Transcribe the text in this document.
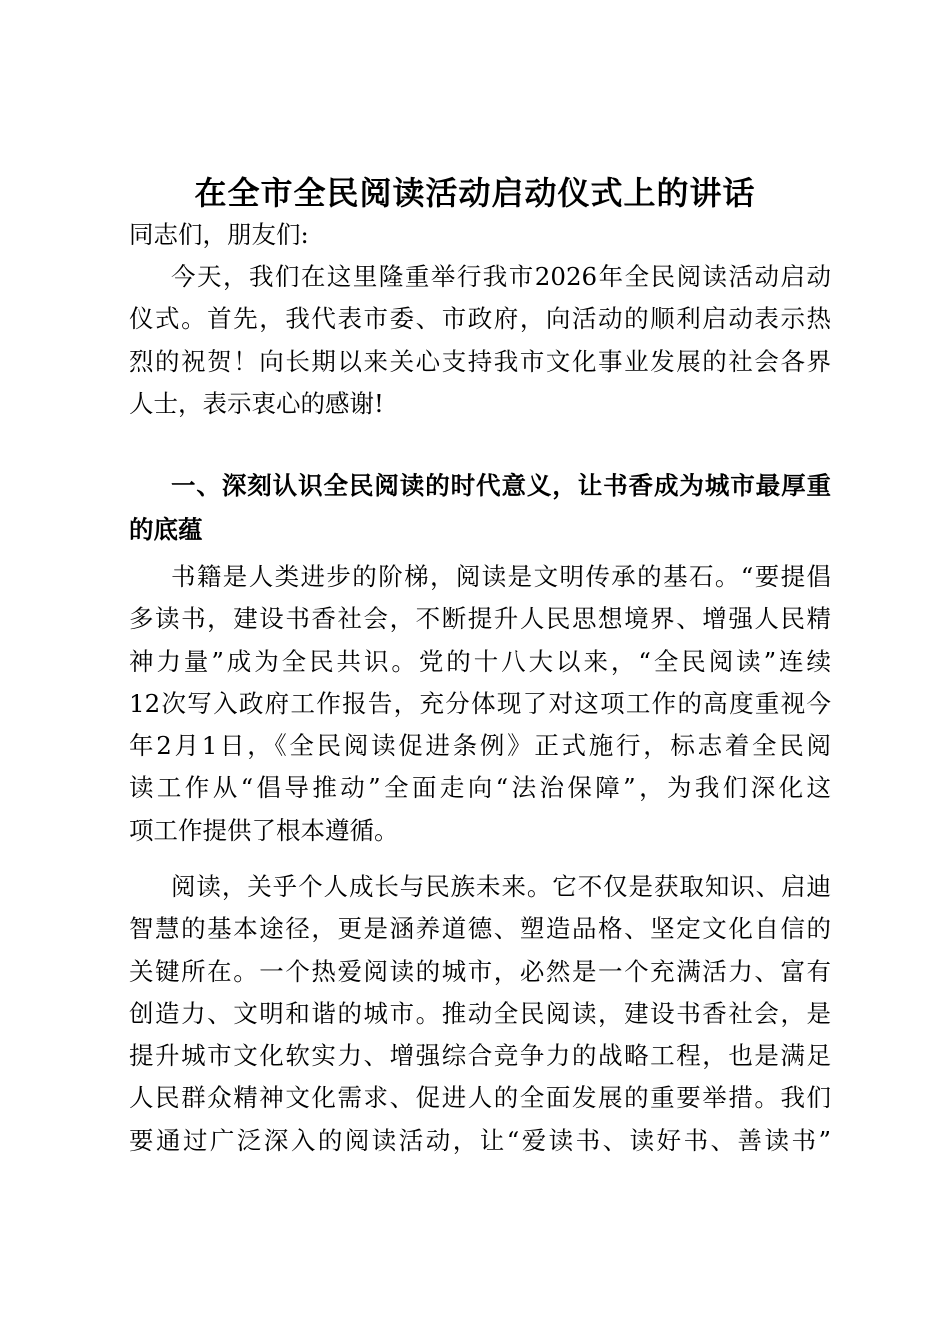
在全市全民阅读活动启动仪式上的讲话
同志们，朋友们:
今天，我们在这里隆重举行我市2026年全民阅读活动启动
仪式。首先，我代表市委、市政府，向活动的顺利启动表示热
烈的祝贺！向长期以来关心支持我市文化事业发展的社会各界
人士，表示衷心的感谢!
一、深刻认识全民阅读的时代意义，让书香成为城市最厚重
的底蕴
书籍是人类进步的阶梯，阅读是文明传承的基石。“要提倡
多读书，建设书香社会，不断提升人民思想境界、增强人民精
神力量”成为全民共识。党的十八大以来，“全民阅读”连续
12次写入政府工作报告，充分体现了对这项工作的高度重视今
年2月1日，《全民阅读促进条例》正式施行，标志着全民阅
读工作从“倡导推动”全面走向“法治保障”，为我们深化这
项工作提供了根本遵循。
阅读，关乎个人成长与民族未来。它不仅是获取知识、启迪
智慧的基本途径，更是涵养道德、塑造品格、坚定文化自信的
关键所在。一个热爱阅读的城市，必然是一个充满活力、富有
创造力、文明和谐的城市。推动全民阅读，建设书香社会，是
提升城市文化软实力、增强综合竞争力的战略工程，也是满足
人民群众精神文化需求、促进人的全面发展的重要举措。我们
要通过广泛深入的阅读活动，让“爱读书、读好书、善读书”
